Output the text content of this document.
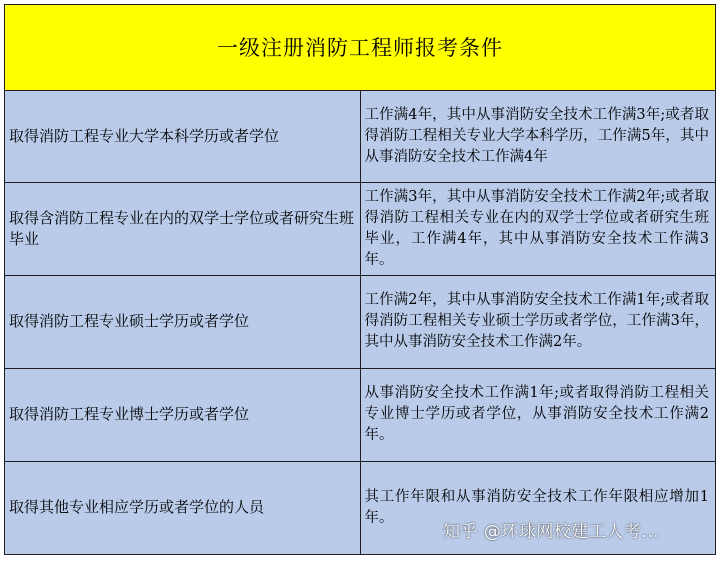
一级注册消防工程师报考条件	
取得消防工程专业大学本科学历或者学位	工作满4年，其中从事消防安全技术工作满3年;或者取得消防工程相关专业大学本科学历，工作满5年，其中从事消防安全技术工作满4年
取得含消防工程专业在内的双学士学位或者研究生班毕业	工作满3年，其中从事消防安全技术工作满2年;或者取得消防工程相关专业在内的双学士学位或者研究生班毕业，工作满4年，其中从事消防安全技术工作满3年。
取得消防工程专业硕士学历或者学位	工作满2年，其中从事消防安全技术工作满1年;或者取得消防工程相关专业硕士学历或者学位，工作满3年，其中从事消防安全技术工作满2年。
取得消防工程专业博士学历或者学位	从事消防安全技术工作满1年;或者取得消防工程相关专业博士学历或者学位，从事消防安全技术工作满2年。
取得其他专业相应学历或者学位的人员	其工作年限和从事消防安全技术工作年限相应增加1年。
知乎 @环球网校建工人考...
